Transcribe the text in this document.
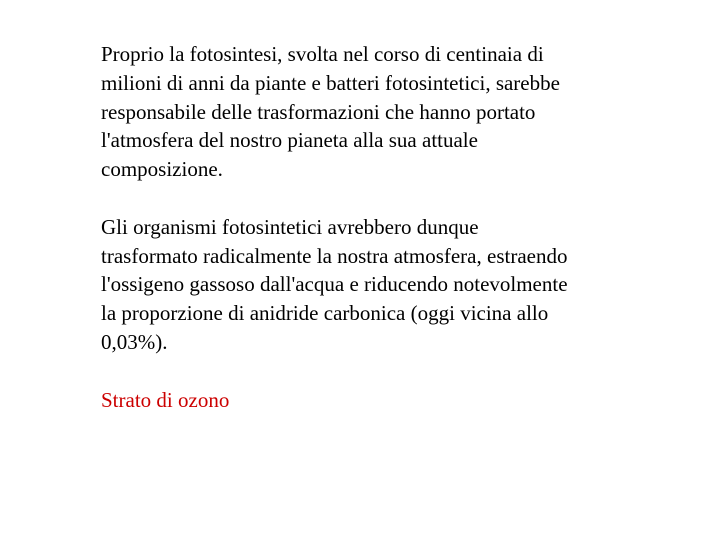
Proprio la fotosintesi, svolta nel corso di centinaia di
milioni di anni da piante e batteri fotosintetici, sarebbe
responsabile delle trasformazioni che hanno portato
l'atmosfera del nostro pianeta alla sua attuale
composizione.
Gli organismi fotosintetici avrebbero dunque
trasformato radicalmente la nostra atmosfera, estraendo
l'ossigeno gassoso dall'acqua e riducendo notevolmente
la proporzione di anidride carbonica (oggi vicina allo
0,03%).
Strato di ozono
